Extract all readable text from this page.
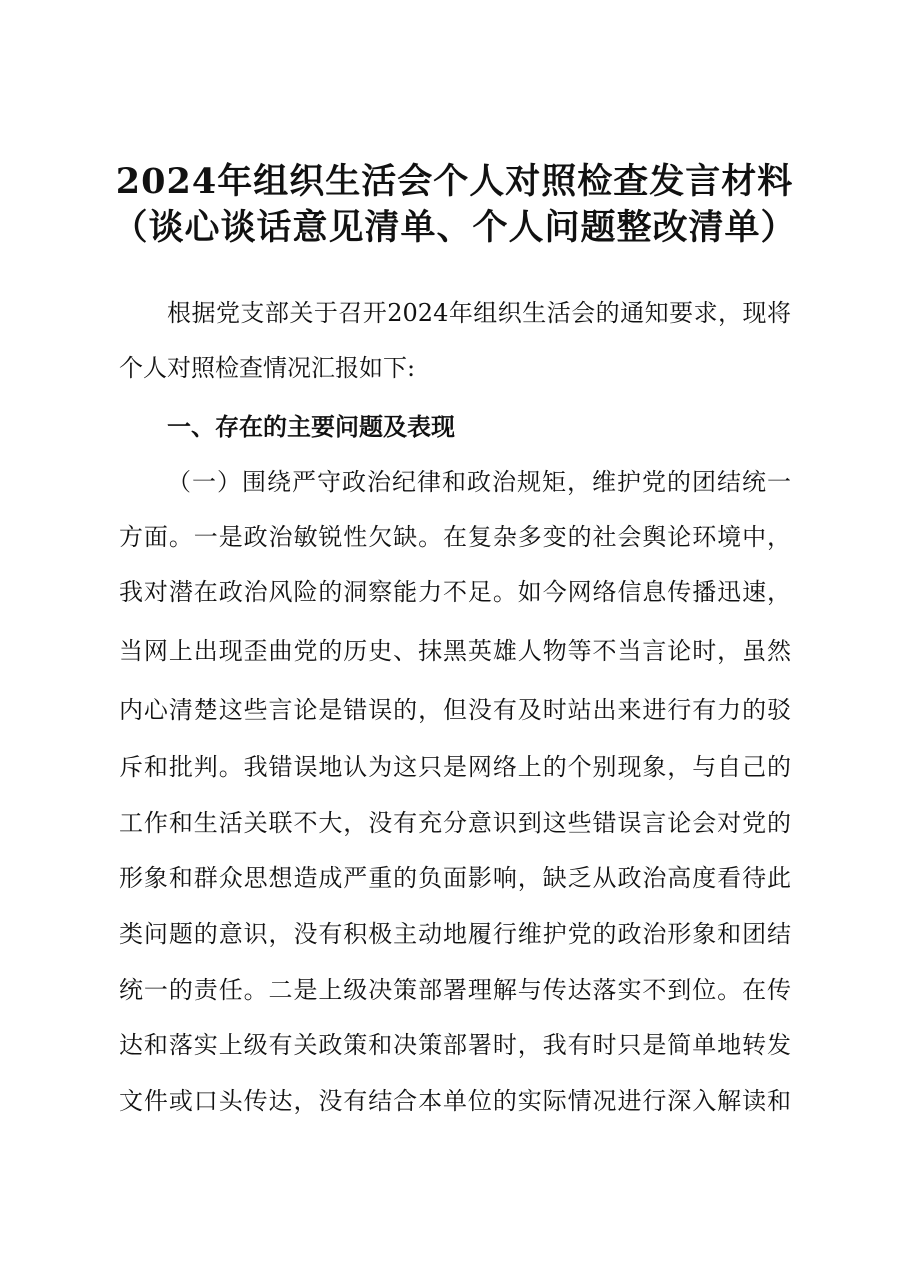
2024年组织生活会个人对照检查发言材料
（谈心谈话意见清单、个人问题整改清单）
根据党支部关于召开2024年组织生活会的通知要求，现将
个人对照检查情况汇报如下:
一、存在的主要问题及表现
（一）围绕严守政治纪律和政治规矩，维护党的团结统一
方面。一是政治敏锐性欠缺。在复杂多变的社会舆论环境中，
我对潜在政治风险的洞察能力不足。如今网络信息传播迅速，
当网上出现歪曲党的历史、抹黑英雄人物等不当言论时，虽然
内心清楚这些言论是错误的，但没有及时站出来进行有力的驳
斥和批判。我错误地认为这只是网络上的个别现象，与自己的
工作和生活关联不大，没有充分意识到这些错误言论会对党的
形象和群众思想造成严重的负面影响，缺乏从政治高度看待此
类问题的意识，没有积极主动地履行维护党的政治形象和团结
统一的责任。二是上级决策部署理解与传达落实不到位。在传
达和落实上级有关政策和决策部署时，我有时只是简单地转发
文件或口头传达，没有结合本单位的实际情况进行深入解读和
